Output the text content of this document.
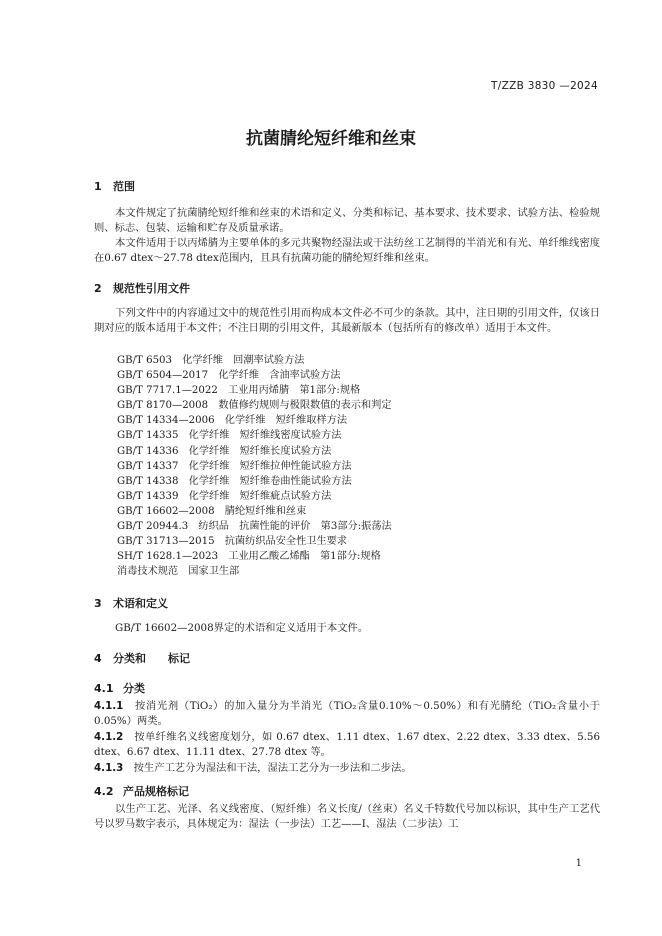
T/ZZB 3830 —2024
抗菌腈纶短纤维和丝束
1 范围
本文件规定了抗菌腈纶短纤维和丝束的术语和定义、分类和标记、基本要求、技术要求、试验方法、检验规则、标志、包装、运输和贮存及质量承诺。
本文件适用于以丙烯腈为主要单体的多元共聚物经湿法或干法纺丝工艺制得的半消光和有光、单纤维线密度在0.67 dtex～27.78 dtex范围内，且具有抗菌功能的腈纶短纤维和丝束。
2 规范性引用文件
下列文件中的内容通过文中的规范性引用而构成本文件必不可少的条款。其中，注日期的引用文件，仅该日期对应的版本适用于本文件；不注日期的引用文件，其最新版本（包括所有的修改单）适用于本文件。
GB/T 6503　化学纤维　回潮率试验方法
GB/T 6504—2017　化学纤维　含油率试验方法
GB/T 7717.1—2022　工业用丙烯腈　第1部分:规格
GB/T 8170—2008　数值修约规则与极限数值的表示和判定
GB/T 14334—2006　化学纤维　短纤维取样方法
GB/T 14335　化学纤维　短纤维线密度试验方法
GB/T 14336　化学纤维　短纤维长度试验方法
GB/T 14337　化学纤维　短纤维拉伸性能试验方法
GB/T 14338　化学纤维　短纤维卷曲性能试验方法
GB/T 14339　化学纤维　短纤维疵点试验方法
GB/T 16602—2008　腈纶短纤维和丝束
GB/T 20944.3　纺织品　抗菌性能的评价　第3部分:振荡法
GB/T 31713—2015　抗菌纺织品安全性卫生要求
SH/T 1628.1—2023　工业用乙酸乙烯酯　第1部分:规格
消毒技术规范　国家卫生部
3 术语和定义
GB/T 16602—2008界定的术语和定义适用于本文件。
4 分类和　　标记
4.1 分类
4.1.1　 按消光剂（TiO₂）的加入量分为半消光（TiO₂含量0.10%～0.50%）和有光腈纶（TiO₂含量小于0.05%）两类。
4.1.2　 按单纤维名义线密度划分，如 0.67 dtex、1.11 dtex、1.67 dtex、2.22 dtex、3.33 dtex、5.56 dtex、6.67 dtex、11.11 dtex、27.78 dtex 等。
4.1.3　 按生产工艺分为湿法和干法，湿法工艺分为一步法和二步法。
4.2 产品规格标记
以生产工艺、光泽、名义线密度、（短纤维）名义长度/（丝束）名义千特数代号加以标识，其中生产工艺代号以罗马数字表示，具体规定为：湿法（一步法）工艺——Ⅰ、湿法（二步法）工
1
